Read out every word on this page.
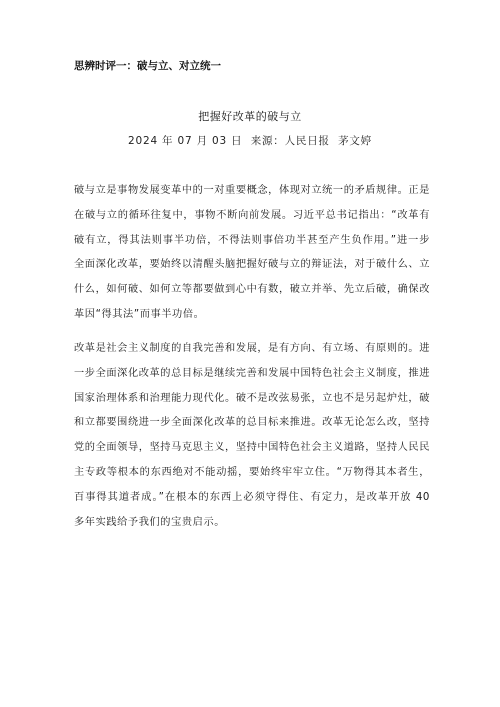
思辨时评一：破与立、对立统一
把握好改革的破与立
2024 年 07 月 03 日  来源：人民日报  茅文婷
破与立是事物发展变革中的一对重要概念，体现对立统一的矛盾规律。正是在破与立的循环往复中，事物不断向前发展。习近平总书记指出：“改革有破有立，得其法则事半功倍，不得法则事倍功半甚至产生负作用。”进一步全面深化改革，要始终以清醒头脑把握好破与立的辩证法，对于破什么、立什么，如何破、如何立等都要做到心中有数，破立并举、先立后破，确保改革因“得其法”而事半功倍。
改革是社会主义制度的自我完善和发展，是有方向、有立场、有原则的。进一步全面深化改革的总目标是继续完善和发展中国特色社会主义制度，推进国家治理体系和治理能力现代化。破不是改弦易张，立也不是另起炉灶，破和立都要围绕进一步全面深化改革的总目标来推进。改革无论怎么改，坚持党的全面领导，坚持马克思主义，坚持中国特色社会主义道路，坚持人民民主专政等根本的东西绝对不能动摇，要始终牢牢立住。“万物得其本者生，百事得其道者成。”在根本的东西上必须守得住、有定力，是改革开放 40 多年实践给予我们的宝贵启示。
